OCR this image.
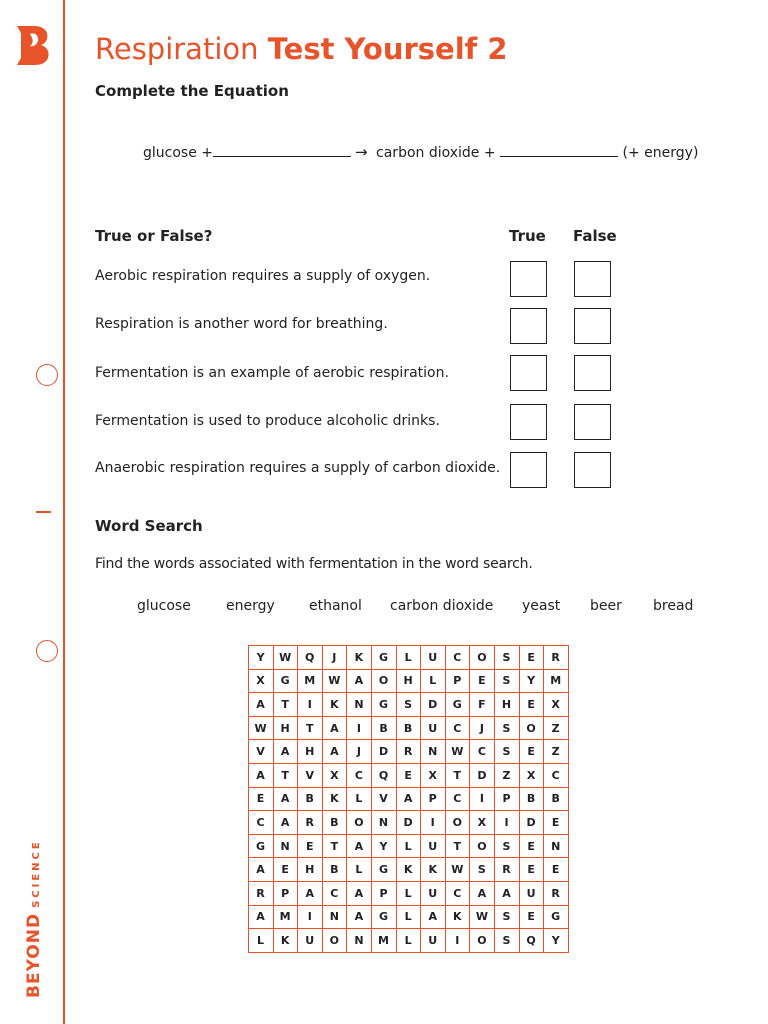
BEYONDSCIENCE
Respiration Test Yourself 2
Complete the Equation
glucose +	→ carbon dioxide +	(+ energy)
True or False?	True False
Aerobic respiration requires a supply of oxygen.
Respiration is another word for breathing.
Fermentation is an example of aerobic respiration.
Fermentation is used to produce alcoholic drinks.
Anaerobic respiration requires a supply of carbon dioxide.
Word Search
Find the words associated with fermentation in the word search.
glucose	energy ethanol carbon dioxide yeast beer bread
Y	W	Q	J	K	G	L	U	C	O	S	E	R
X	G	M	W	A	O	H	L	P	E	S	Y	M
A	T	I	K	N	G	S	D	G	F	H	E	X
W	H	T	A	I	B	B	U	C	J	S	O	Z
V	A	H	A	J	D	R	N	W	C	S	E	Z
A	T	V	X	C	Q	E	X	T	D	Z	X	C
E	A	B	K	L	V	A	P	C	I	P	B	B
C	A	R	B	O	N	D	I	O	X	I	D	E
G	N	E	T	A	Y	L	U	T	O	S	E	N
A	E	H	B	L	G	K	K	W	S	R	E	E
R	P	A	C	A	P	L	U	C	A	A	U	R
A	M	I	N	A	G	L	A	K	W	S	E	G
L	K	U	O	N	M	L	U	I	O	S	Q	Y
